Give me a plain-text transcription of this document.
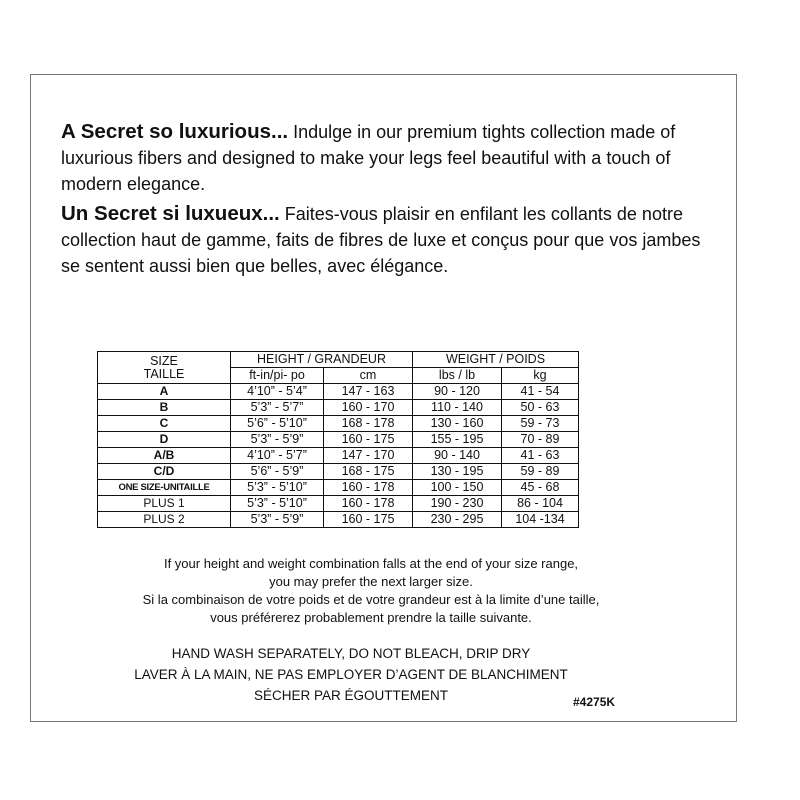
A Secret so luxurious... Indulge in our premium tights collection made of luxurious fibers and designed to make your legs feel beautiful with a touch of modern elegance.
Un Secret si luxueux... Faites-vous plaisir en enfilant les collants de notre collection haut de gamme, faits de fibres de luxe et conçus pour que vos jambes se sentent aussi bien que belles, avec élégance.
SIZE
TAILLE	HEIGHT / GRANDEUR		WEIGHT / POIDS	
	ft-in/pi- po	cm	lbs / lb	kg
A	4’10” - 5’4”	147 - 163	90 - 120	41 - 54
B	5’3” - 5’7”	160 - 170	110 - 140	50 - 63
C	5’6” - 5’10”	168 - 178	130 - 160	59 - 73
D	5’3” - 5’9”	160 - 175	155 - 195	70 - 89
A/B	4’10” - 5’7”	147 - 170	90 - 140	41 - 63
C/D	5’6” - 5’9”	168 - 175	130 - 195	59 - 89
ONE SIZE-UNITAILLE	5’3” - 5’10”	160 - 178	100 - 150	45 - 68
PLUS 1	5’3” - 5’10”	160 - 178	190 - 230	86 - 104
PLUS 2	5’3” - 5’9”	160 - 175	230 - 295	104 -134
If your height and weight combination falls at the end of your size range,
you may prefer the next larger size.
Si la combinaison de votre poids et de votre grandeur est à la limite d’une taille,
vous préférerez probablement prendre la taille suivante.
HAND WASH SEPARATELY, DO NOT BLEACH, DRIP DRY
LAVER À LA MAIN, NE PAS EMPLOYER D’AGENT DE BLANCHIMENT
SÉCHER PAR ÉGOUTTEMENT	#4275K
